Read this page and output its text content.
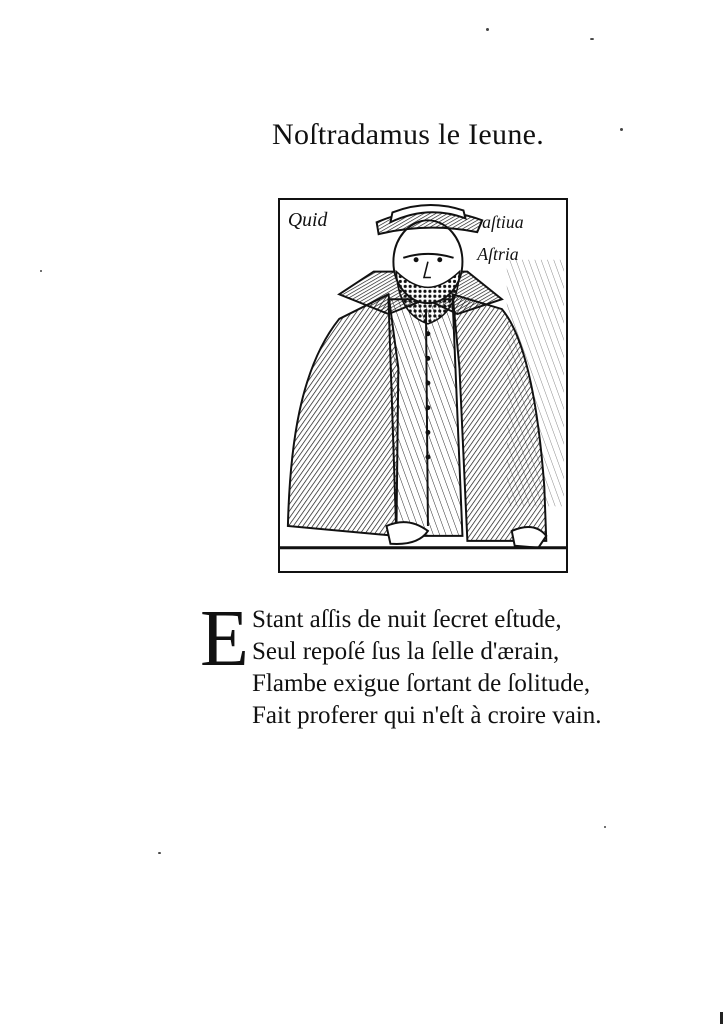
Noſtradamus le Ieune.
Quid	aſtiua
Aſtria
E Stant aſſis de nuit ſecret eſtude,
Seul repoſé ſus la ſelle d'ærain,
Flambe exigue ſortant de ſolitude,
Fait proferer qui n'eſt à croire vain.
